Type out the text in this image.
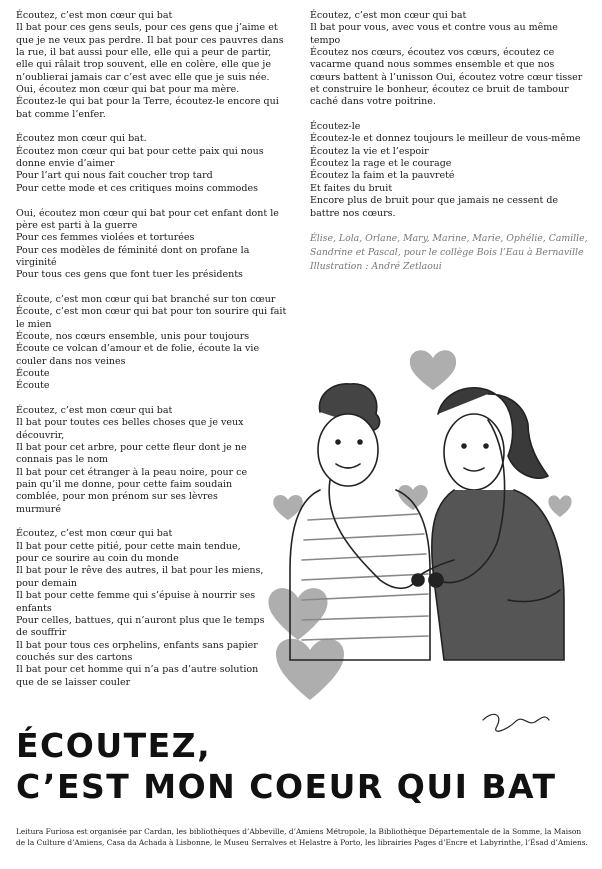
Écoutez, c’est mon cœur qui bat
Il bat pour ces gens seuls, pour ces gens que j’aime et
que je ne veux pas perdre. Il bat pour ces pauvres dans
la rue, il bat aussi pour elle, elle qui a peur de partir,
elle qui râlait trop souvent, elle en colère, elle que je
n’oublierai jamais car c’est avec elle que je suis née.
Oui, écoutez mon cœur qui bat pour ma mère.
Écoutez-le qui bat pour la Terre, écoutez-le encore qui
bat comme l’enfer.
Écoutez mon cœur qui bat.
Écoutez mon cœur qui bat pour cette paix qui nous
donne envie d’aimer
Pour l’art qui nous fait coucher trop tard
Pour cette mode et ces critiques moins commodes
Oui, écoutez mon cœur qui bat pour cet enfant dont le
père est parti à la guerre
Pour ces femmes violées et torturées
Pour ces modèles de féminité dont on profane la
virginité
Pour tous ces gens que font tuer les présidents
Écoute, c’est mon cœur qui bat branché sur ton cœur
Écoute, c’est mon cœur qui bat pour ton sourire qui fait
le mien
Écoute, nos cœurs ensemble, unis pour toujours
Écoute ce volcan d’amour et de folie, écoute la vie
couler dans nos veines
Écoute
Écoute
Écoutez, c’est mon cœur qui bat
Il bat pour toutes ces belles choses que je veux
découvrir,
Il bat pour cet arbre, pour cette fleur dont je ne
connais pas le nom
Il bat pour cet étranger à la peau noire, pour ce
pain qu’il me donne, pour cette faim soudain
comblée, pour mon prénom sur ses lèvres
murmuré
Écoutez, c’est mon cœur qui bat
Il bat pour cette pitié, pour cette main tendue,
pour ce sourire au coin du monde
Il bat pour le rêve des autres, il bat pour les miens,
pour demain
Il bat pour cette femme qui s’épuise à nourrir ses
enfants
Pour celles, battues, qui n’auront plus que le temps
de souffrir
Il bat pour tous ces orphelins, enfants sans papier
couchés sur des cartons
Il bat pour cet homme qui n’a pas d’autre solution
que de se laisser couler
Écoutez, c’est mon cœur qui bat
Il bat pour vous, avec vous et contre vous au même
tempo
Écoutez nos cœurs, écoutez vos cœurs, écoutez ce
vacarme quand nous sommes ensemble et que nos
cœurs battent à l’unisson Oui, écoutez votre cœur tisser
et construire le bonheur, écoutez ce bruit de tambour
caché dans votre poitrine.
Écoutez-le
Écoutez-le et donnez toujours le meilleur de vous-même
Écoutez la vie et l’espoir
Écoutez la rage et le courage
Écoutez la faim et la pauvreté
Et faites du bruit
Encore plus de bruit pour que jamais ne cessent de
battre nos cœurs.
Élise, Lola, Orlane, Mary, Marine, Marie, Ophélie, Camille,
Sandrine et Pascal, pour le collège Bois l’Eau à Bernaville
Illustration : André Zetlaoui
ÉCOUTEZ,
C’EST MON COEUR QUI BAT
Leitura Furiosa est organisée par Cardan, les bibliothèques d’Abbeville, d’Amiens Métropole, la Bibliothèque Départementale de la Somme, la Maison de la Culture d’Amiens, Casa da Achada à Lisbonne, le Museu Serralves et Helastre à Porto, les librairies Pages d’Encre et Labyrinthe, l’Ésad d’Amiens.
